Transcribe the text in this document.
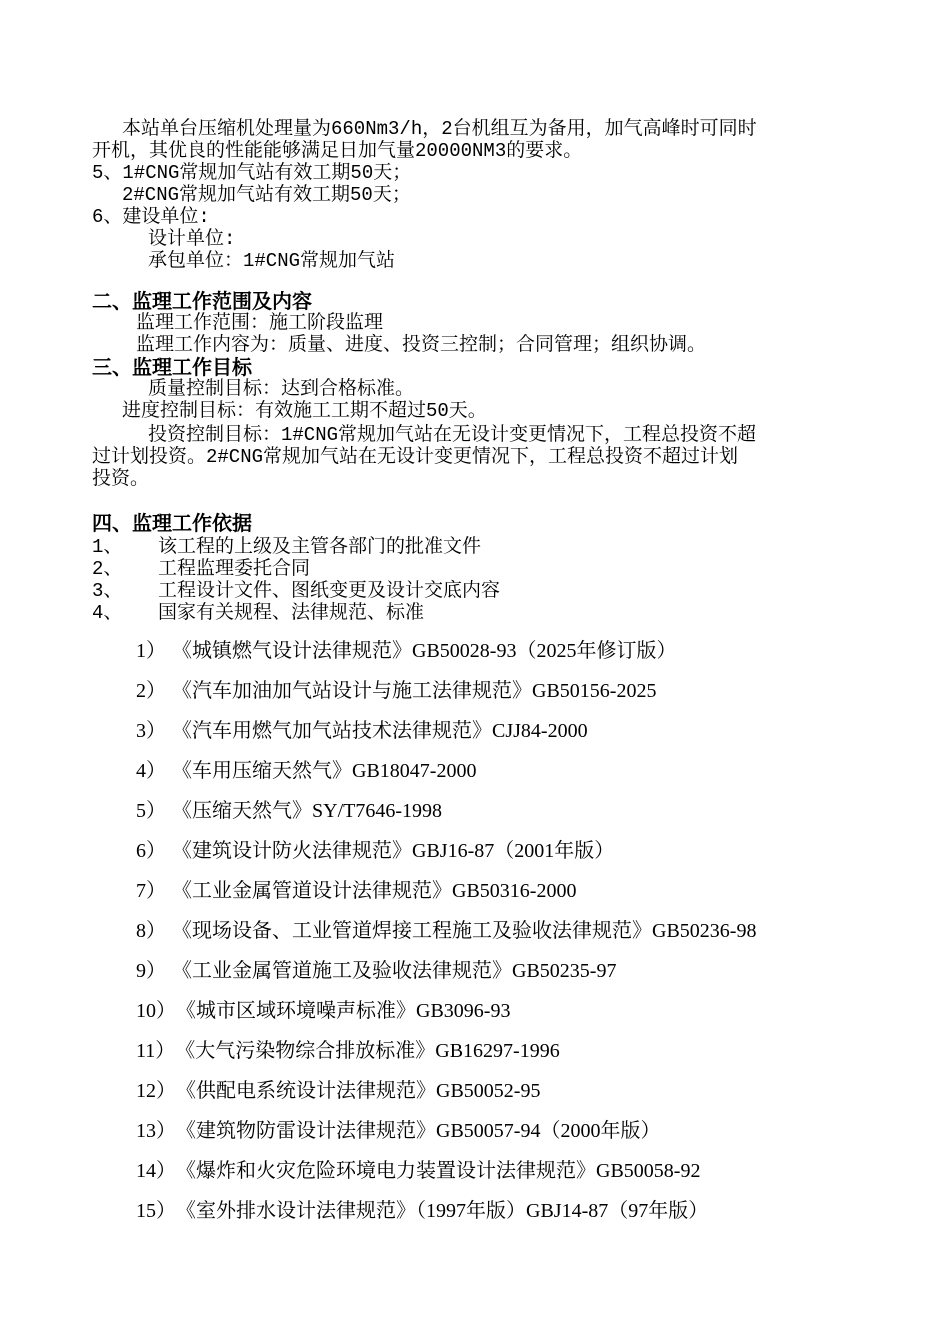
本站单台压缩机处理量为660Nm3/h，2台机组互为备用，加气高峰时可同时
开机，其优良的性能能够满足日加气量20000NM3的要求。
5、1#CNG常规加气站有效工期50天；
2#CNG常规加气站有效工期50天；
6、建设单位:
设计单位:
承包单位：1#CNG常规加气站
二、监理工作范围及内容
监理工作范围：施工阶段监理
监理工作内容为：质量、进度、投资三控制；合同管理；组织协调。
三、监理工作目标
质量控制目标：达到合格标准。
进度控制目标：有效施工工期不超过50天。
投资控制目标：1#CNG常规加气站在无设计变更情况下，工程总投资不超
过计划投资。2#CNG常规加气站在无设计变更情况下，工程总投资不超过计划
投资。
四、监理工作依据
1、 该工程的上级及主管各部门的批准文件
2、 工程监理委托合同
3、 工程设计文件、图纸变更及设计交底内容
4、 国家有关规程、法律规范、标准
1） 《城镇燃气设计法律规范》GB50028-93（2025年修订版）
2） 《汽车加油加气站设计与施工法律规范》GB50156-2025
3） 《汽车用燃气加气站技术法律规范》CJJ84-2000
4） 《车用压缩天然气》GB18047-2000
5） 《压缩天然气》SY/T7646-1998
6） 《建筑设计防火法律规范》GBJ16-87（2001年版）
7） 《工业金属管道设计法律规范》GB50316-2000
8） 《现场设备、工业管道焊接工程施工及验收法律规范》GB50236-98
9） 《工业金属管道施工及验收法律规范》GB50235-97
10）《城市区域环境噪声标准》GB3096-93
11）《大气污染物综合排放标准》GB16297-1996
12）《供配电系统设计法律规范》GB50052-95
13）《建筑物防雷设计法律规范》GB50057-94（2000年版）
14）《爆炸和火灾危险环境电力装置设计法律规范》GB50058-92
15）《室外排水设计法律规范》（1997年版）GBJ14-87（97年版）
